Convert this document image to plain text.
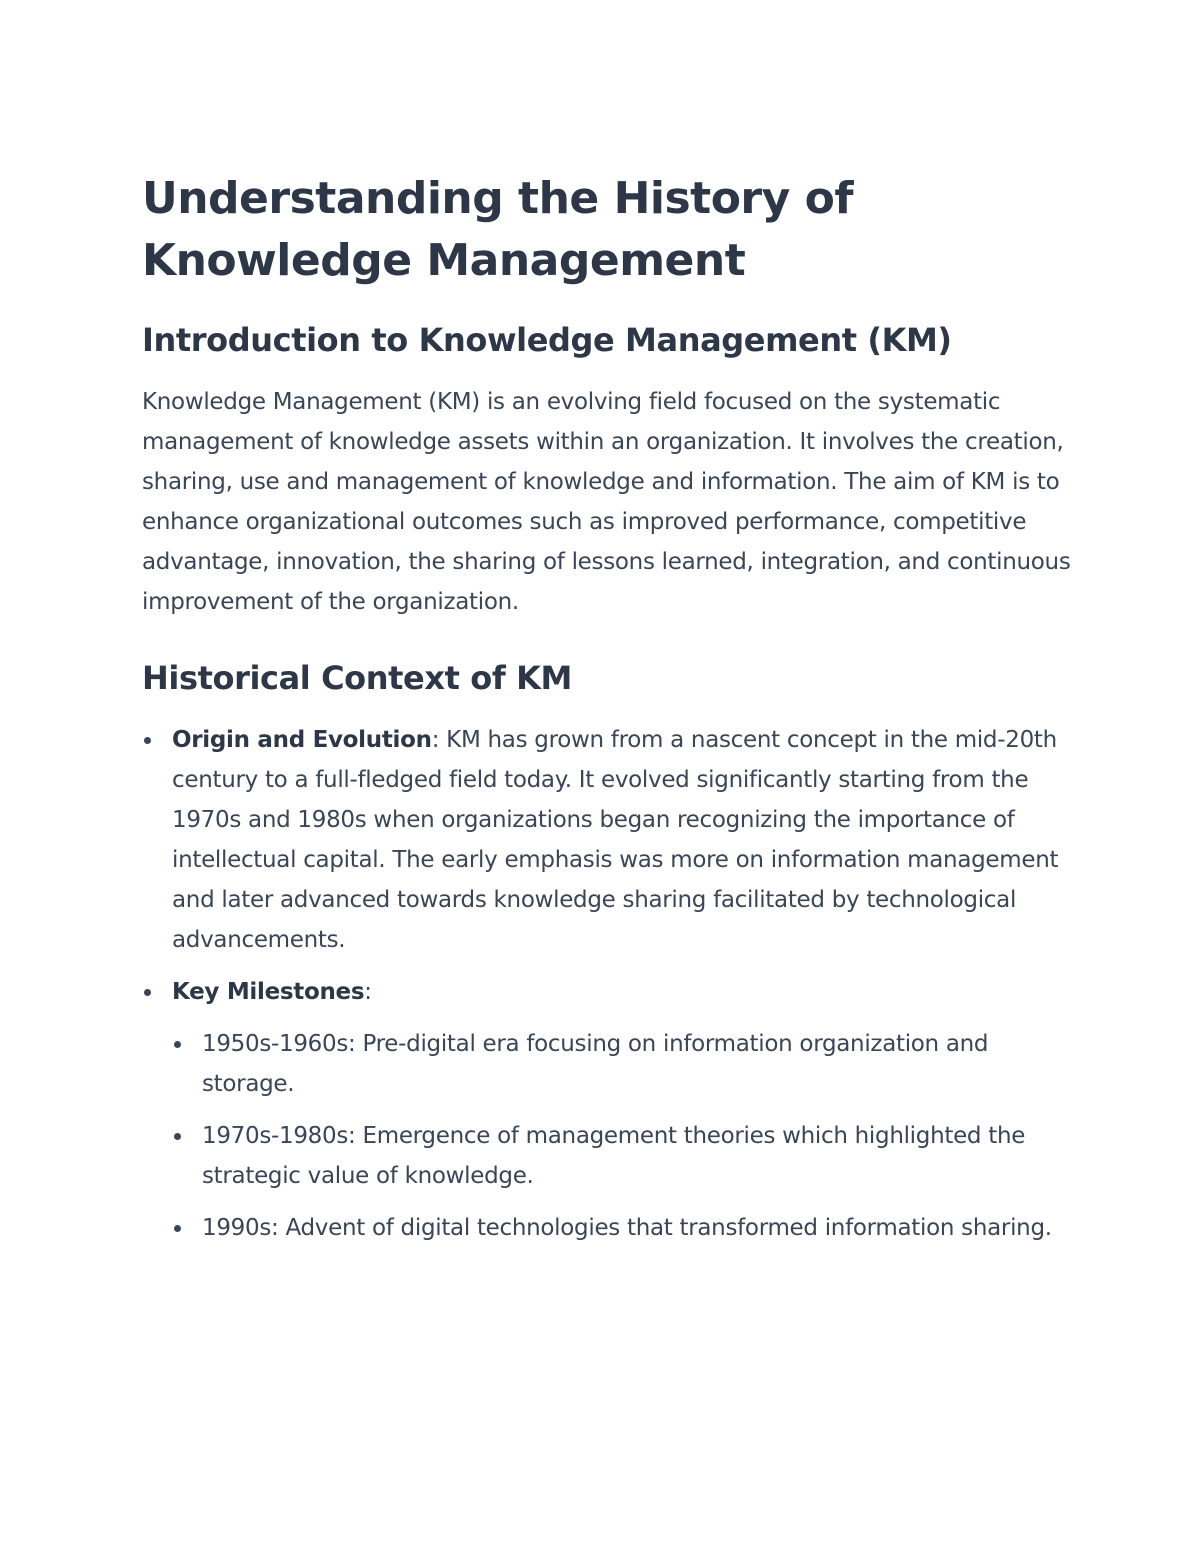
Understanding the History of Knowledge Management
Introduction to Knowledge Management (KM)

Knowledge Management (KM) is an evolving field focused on the systematic management of knowledge assets within an organization. It involves the creation, sharing, use and management of knowledge and information. The aim of KM is to enhance organizational outcomes such as improved performance, competitive advantage, innovation, the sharing of lessons learned, integration, and continuous improvement of the organization.

Historical Context of KM
Origin and Evolution: KM has grown from a nascent concept in the mid-20th century to a full-fledged field today. It evolved significantly starting from the 1970s and 1980s when organizations began recognizing the importance of intellectual capital. The early emphasis was more on information management and later advanced towards knowledge sharing facilitated by technological advancements.
Key Milestones:
1950s-1960s: Pre-digital era focusing on information organization and storage.
1970s-1980s: Emergence of management theories which highlighted the strategic value of knowledge.
1990s: Advent of digital technologies that transformed information sharing.
